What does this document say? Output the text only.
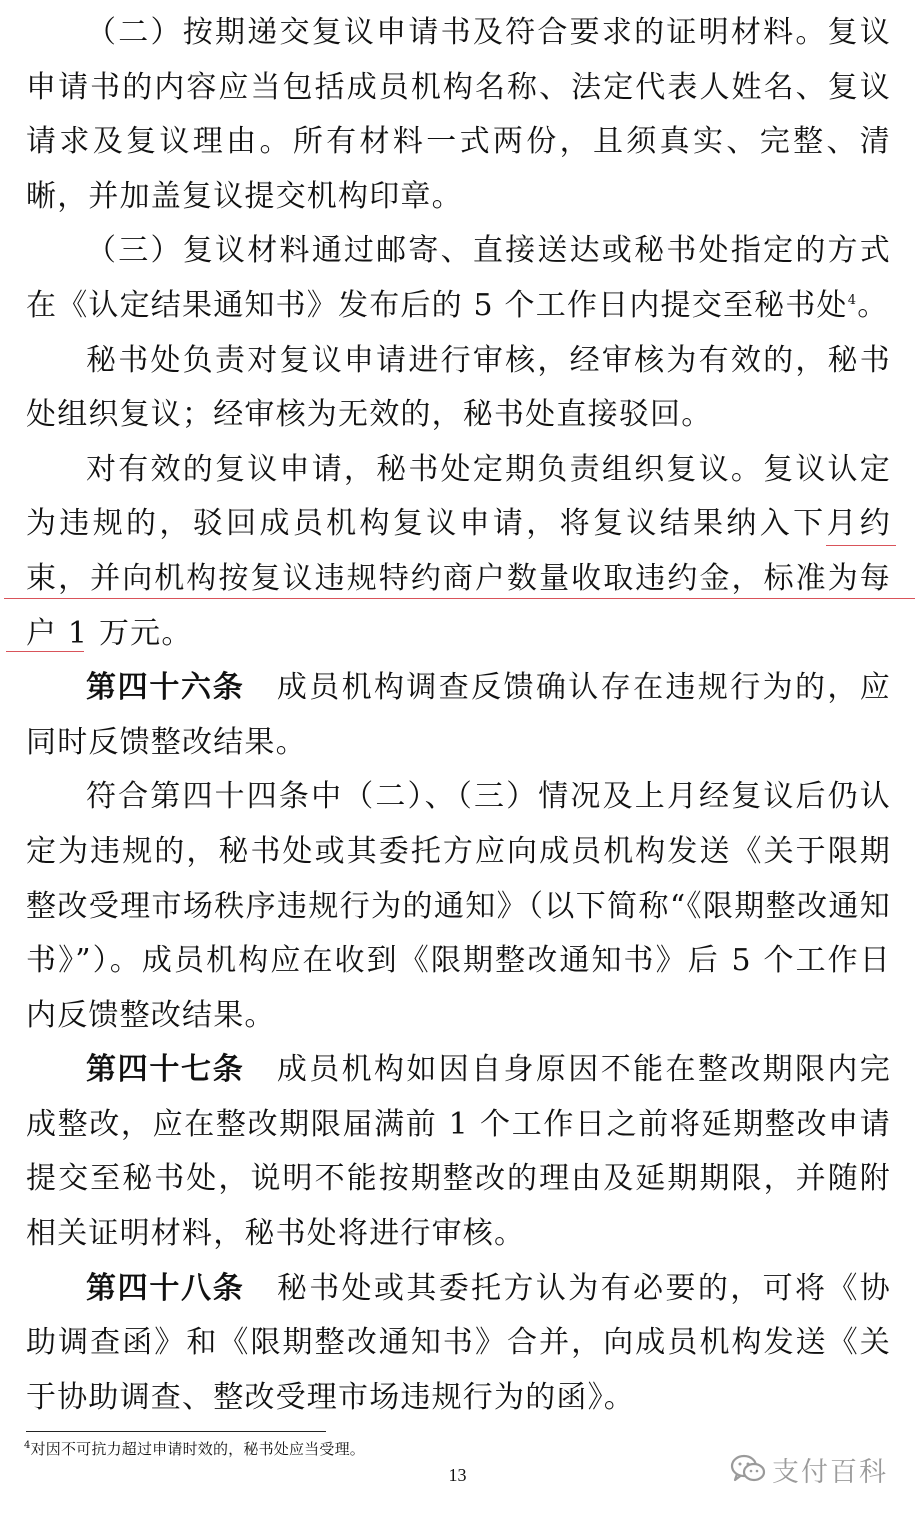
（二）按期递交复议申请书及符合要求的证明材料。复议申请书的内容应当包括成员机构名称、法定代表人姓名、复议请求及复议理由。所有材料一式两份，且须真实、完整、清晰，并加盖复议提交机构印章。

（三）复议材料通过邮寄、直接送达或秘书处指定的方式在《认定结果通知书》发布后的 5 个工作日内提交至秘书处$^4$。

秘书处负责对复议申请进行审核，经审核为有效的，秘书处组织复议；经审核为无效的，秘书处直接驳回。

对有效的复议申请，秘书处定期负责组织复议。复议认定为违规的，驳回成员机构复议申请，将复议结果纳入下月约束，并向机构按复议违规特约商户数量收取违约金，标准为每户 1 万元。

第四十六条  成员机构调查反馈确认存在违规行为的，应同时反馈整改结果。

符合第四十四条中（二）、（三）情况及上月经复议后仍认定为违规的，秘书处或其委托方应向成员机构发送《关于限期整改受理市场秩序违规行为的通知》（以下简称“《限期整改通知书》”）。成员机构应在收到《限期整改通知书》后 5 个工作日内反馈整改结果。

第四十七条  成员机构如因自身原因不能在整改期限内完成整改，应在整改期限届满前 1 个工作日之前将延期整改申请提交至秘书处，说明不能按期整改的理由及延期期限，并随附相关证明材料，秘书处将进行审核。

第四十八条  秘书处或其委托方认为有必要的，可将《协助调查函》和《限期整改通知书》合并，向成员机构发送《关于协助调查、整改受理市场违规行为的函》。

$^4$对因不可抗力超过申请时效的，秘书处应当受理。
13	支付百科
